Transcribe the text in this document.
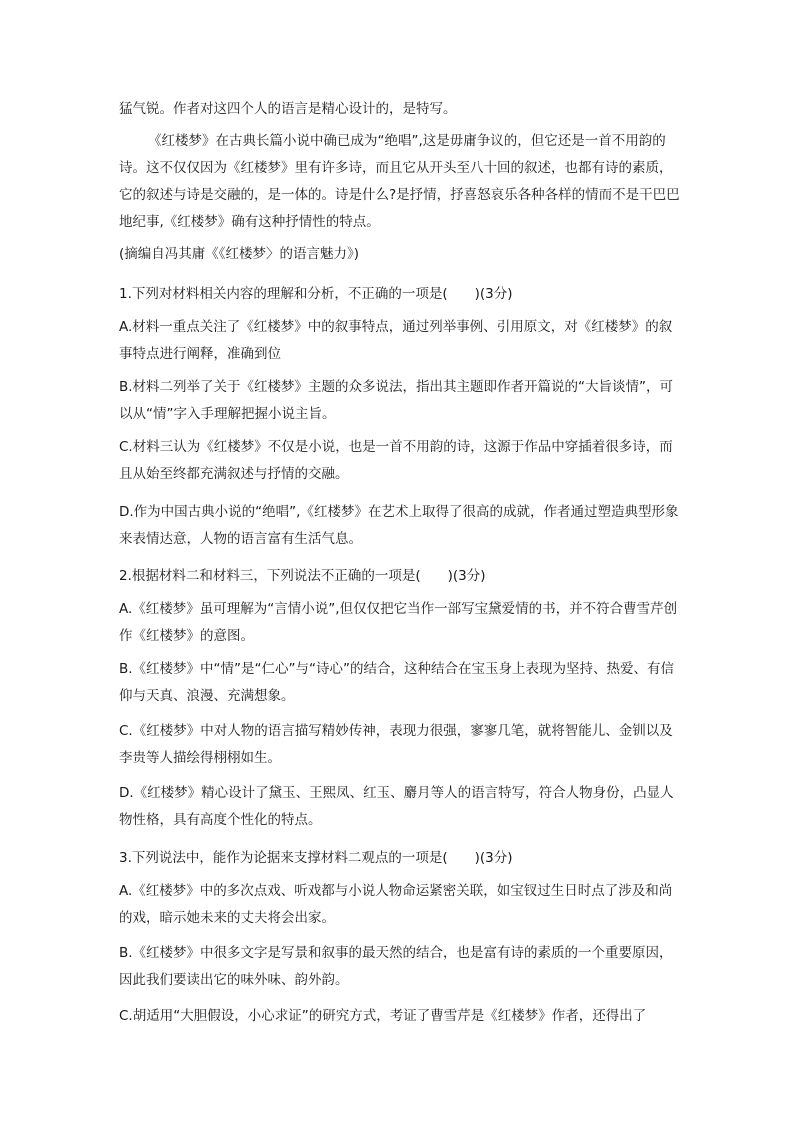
猛气锐。作者对这四个人的语言是精心设计的，是特写。

《红楼梦》在古典长篇小说中确已成为“绝唱”,这是毋庸争议的，但它还是一首不用韵的诗。这不仅仅因为《红楼梦》里有许多诗，而且它从开头至八十回的叙述，也都有诗的素质，它的叙述与诗是交融的，是一体的。诗是什么?是抒情，抒喜怒哀乐各种各样的情而不是干巴巴地纪事,《红楼梦》确有这种抒情性的特点。

(摘编自冯其庸《《红楼梦〉的语言魅力》)

1.下列对材料相关内容的理解和分析，不正确的一项是(　　)(3分)

A.材料一重点关注了《红楼梦》中的叙事特点，通过列举事例、引用原文，对《红楼梦》的叙事特点进行阐释，准确到位

B.材料二列举了关于《红楼梦》主题的众多说法，指出其主题即作者开篇说的“大旨谈情”，可以从“情”字入手理解把握小说主旨。

C.材料三认为《红楼梦》不仅是小说，也是一首不用韵的诗，这源于作品中穿插着很多诗，而且从始至终都充满叙述与抒情的交融。

D.作为中国古典小说的“绝唱”,《红楼梦》在艺术上取得了很高的成就，作者通过塑造典型形象来表情达意，人物的语言富有生活气息。

2.根据材料二和材料三，下列说法不正确的一项是(　　)(3分)

A.《红楼梦》虽可理解为“言情小说”,但仅仅把它当作一部写宝黛爱情的书，并不符合曹雪芹创作《红楼梦》的意图。

B.《红楼梦》中“情”是“仁心”与“诗心”的结合，这种结合在宝玉身上表现为坚持、热爱、有信仰与天真、浪漫、充满想象。

C.《红楼梦》中对人物的语言描写精妙传神，表现力很强，寥寥几笔，就将智能儿、金钏以及李贵等人描绘得栩栩如生。

D.《红楼梦》精心设计了黛玉、王熙凤、红玉、麝月等人的语言特写，符合人物身份，凸显人物性格，具有高度个性化的特点。

3.下列说法中，能作为论据来支撑材料二观点的一项是(　　)(3分)

A.《红楼梦》中的多次点戏、听戏都与小说人物命运紧密关联，如宝钗过生日时点了涉及和尚的戏，暗示她未来的丈夫将会出家。

B.《红楼梦》中很多文字是写景和叙事的最天然的结合，也是富有诗的素质的一个重要原因，因此我们要读出它的味外味、韵外韵。

C.胡适用“大胆假设，小心求证”的研究方式，考证了曹雪芹是《红楼梦》作者，还得出了
